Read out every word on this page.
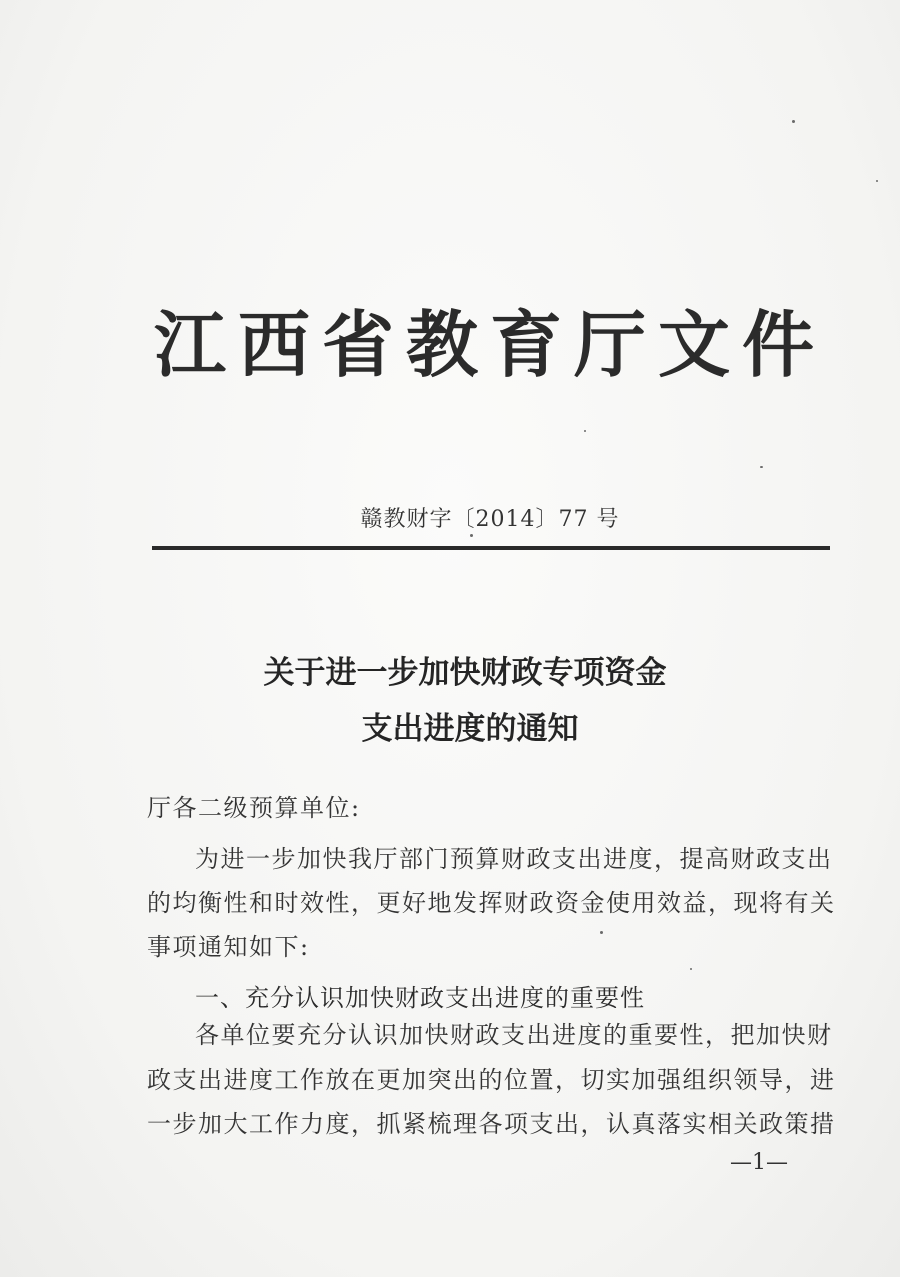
江西省教育厅文件
赣教财字〔2014〕77 号
关于进一步加快财政专项资金
支出进度的通知
厅各二级预算单位:
为进一步加快我厅部门预算财政支出进度，提高财政支出
的均衡性和时效性，更好地发挥财政资金使用效益，现将有关
事项通知如下:
一、充分认识加快财政支出进度的重要性
各单位要充分认识加快财政支出进度的重要性，把加快财
政支出进度工作放在更加突出的位置，切实加强组织领导，进
一步加大工作力度，抓紧梳理各项支出，认真落实相关政策措
—1—
